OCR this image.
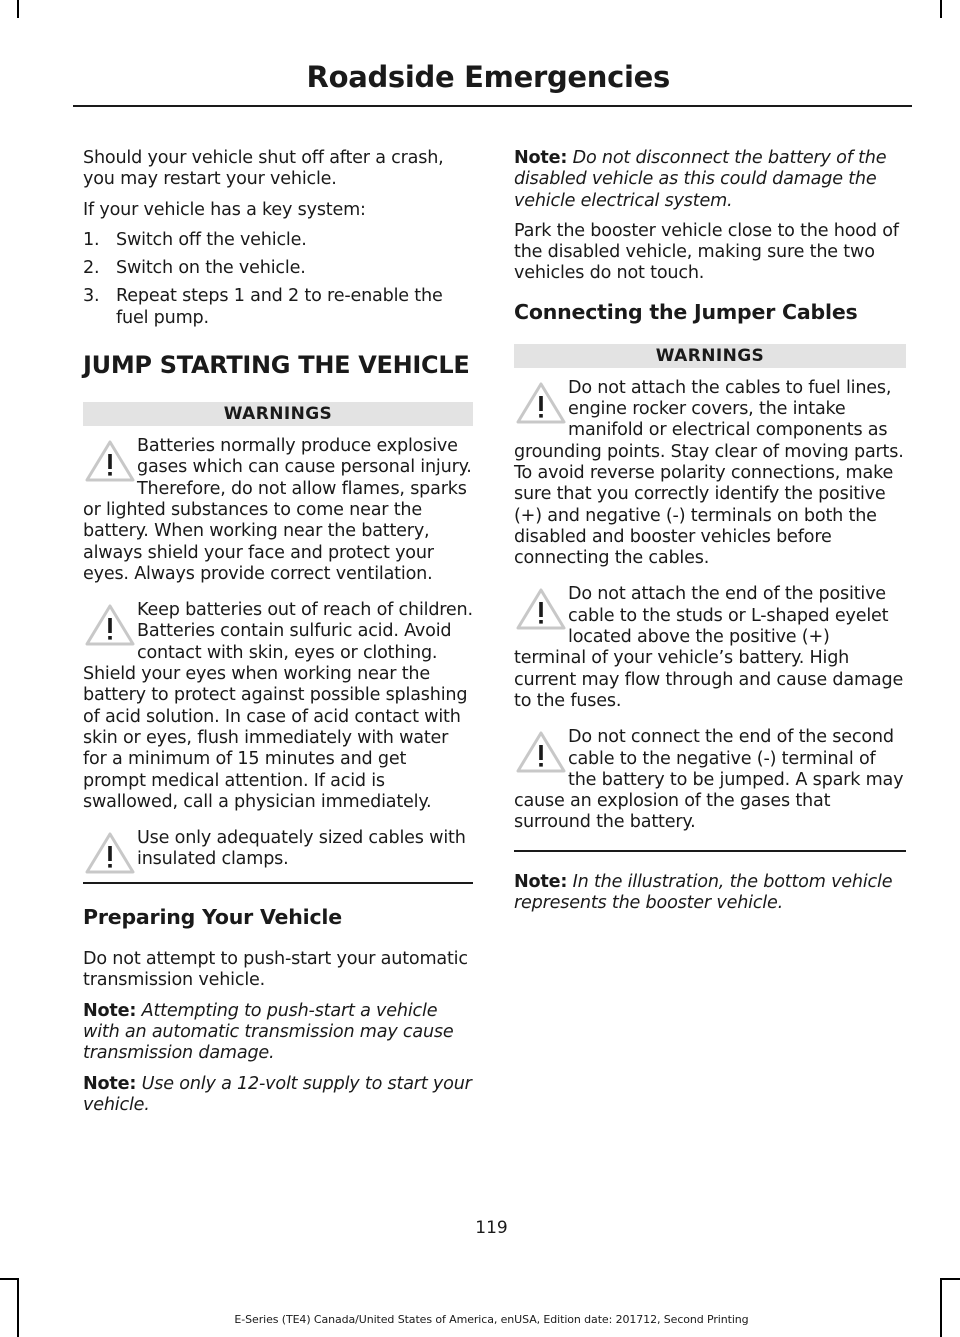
Roadside Emergencies

Should your vehicle shut off after a crash, you may restart your vehicle.

If your vehicle has a key system:

1. Switch off the vehicle.
2. Switch on the vehicle.
3. Repeat steps 1 and 2 to re-enable the fuel pump.
JUMP STARTING THE VEHICLE
WARNINGS
Batteries normally produce explosive gases which can cause personal injury. Therefore, do not allow flames, sparks or lighted substances to come near the battery. When working near the battery, always shield your face and protect your eyes. Always provide correct ventilation.
Keep batteries out of reach of children. Batteries contain sulfuric acid. Avoid contact with skin, eyes or clothing. Shield your eyes when working near the battery to protect against possible splashing of acid solution. In case of acid contact with skin or eyes, flush immediately with water for a minimum of 15 minutes and get prompt medical attention. If acid is swallowed, call a physician immediately.
Use only adequately sized cables with insulated clamps.
Preparing Your Vehicle

Do not attempt to push-start your automatic transmission vehicle.

Note: Attempting to push-start a vehicle with an automatic transmission may cause transmission damage.

Note: Use only a 12-volt supply to start your vehicle.

Note: Do not disconnect the battery of the disabled vehicle as this could damage the vehicle electrical system.

Park the booster vehicle close to the hood of the disabled vehicle, making sure the two vehicles do not touch.

Connecting the Jumper Cables
WARNINGS
Do not attach the cables to fuel lines, engine rocker covers, the intake manifold or electrical components as grounding points. Stay clear of moving parts. To avoid reverse polarity connections, make sure that you correctly identify the positive (+) and negative (-) terminals on both the disabled and booster vehicles before connecting the cables.
Do not attach the end of the positive cable to the studs or L-shaped eyelet located above the positive (+) terminal of your vehicle’s battery. High current may flow through and cause damage to the fuses.
Do not connect the end of the second cable to the negative (-) terminal of the battery to be jumped. A spark may cause an explosion of the gases that surround the battery.

Note: In the illustration, the bottom vehicle represents the booster vehicle.

119
E-Series (TE4) Canada/United States of America, enUSA, Edition date: 201712, Second Printing
